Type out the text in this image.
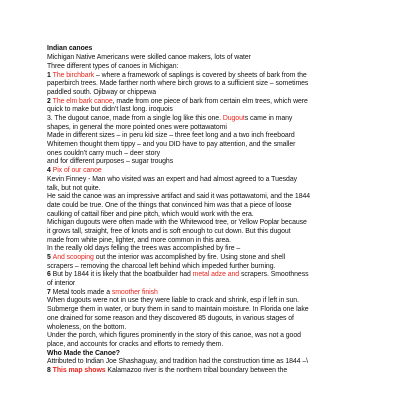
Indian canoes
Michigan Native Americans were skilled canoe makers, lots of water
Three different types of canoes in Michigan:
1 The birchbark – where a framework of saplings is covered by sheets of bark from the
paperbirch trees. Made farther north where birch grows to a sufficient size – sometimes
paddled south. Ojibway or chippewa
2 The elm bark canoe, made from one piece of bark from certain elm trees, which were
quick to make but didn’t last long. iroquois
3. The dugout canoe, made from a single log like this one. Dugouts came in many
shapes, in general the more pointed ones were pottawatomi
Made in different sizes – in peru kid size – three feet long and a two inch freeboard
Whitemen thought them tippy – and you DID have to pay attention, and the smaller
ones couldn’t carry much – deer story
and for different purposes – sugar troughs
4 Pix of our canoe
Kevin Finney - Man who visited was an expert and had almost agreed to a Tuesday
talk, but not quite.
He said the canoe was an impressive artifact and said it was pottawatomi, and the 1844
date could be true. One of the things that convinced him was that a piece of loose
caulking of cattail fiber and pine pitch, which would work with the era.
Michigan dugouts were often made with the Whitewood tree, or Yellow Poplar because
it grows tall, straight, free of knots and is soft enough to cut down. But this dugout
made from white pine, lighter, and more common in this area.
In the really old days felling the trees was accomplished by fire –
5 And scooping out the interior was accomplished by fire. Using stone and shell
scrapers – removing the charcoal left behind which impeded further burning.
6 But by 1844 it is likely that the boatbuilder had metal adze and scrapers. Smoothness
of interior
7 Metal tools made a smoother finish
When dugouts were not in use they were liable to crack and shrink, esp if left in sun.
Submerge them in water, or bury them in sand to maintain moisture. In Florida one lake
one drained for some reason and they discovered 85 dugouts, in various stages of
wholeness, on the bottom.
Under the porch, which figures prominently in the story of this canoe, was not a good
place, and accounts for cracks and efforts to remedy them.
Who Made the Canoe?
Attributed to Indian Joe Shashaguay, and tradition had the construction time as 1844 –\
8 This map shows Kalamazoo river is the northern tribal boundary between the
